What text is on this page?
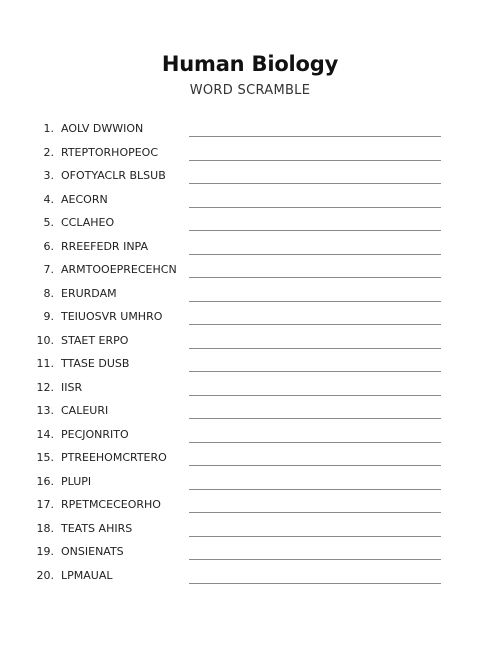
Human Biology
WORD SCRAMBLE
1. AOLV DWWION
2. RTEPTORHOPEOC
3. OFOTYACLR BLSUB
4. AECORN
5. CCLAHEO
6. RREEFEDR INPA
7. ARMTOOEPRECEHCN
8. ERURDAM
9. TEIUOSVR UMHRO
10. STAET ERPO
11. TTASE DUSB
12. IISR
13. CALEURI
14. PECJONRITO
15. PTREEHOMCRTERO
16. PLUPI
17. RPETMCECEORHO
18. TEATS AHIRS
19. ONSIENATS
20. LPMAUAL
